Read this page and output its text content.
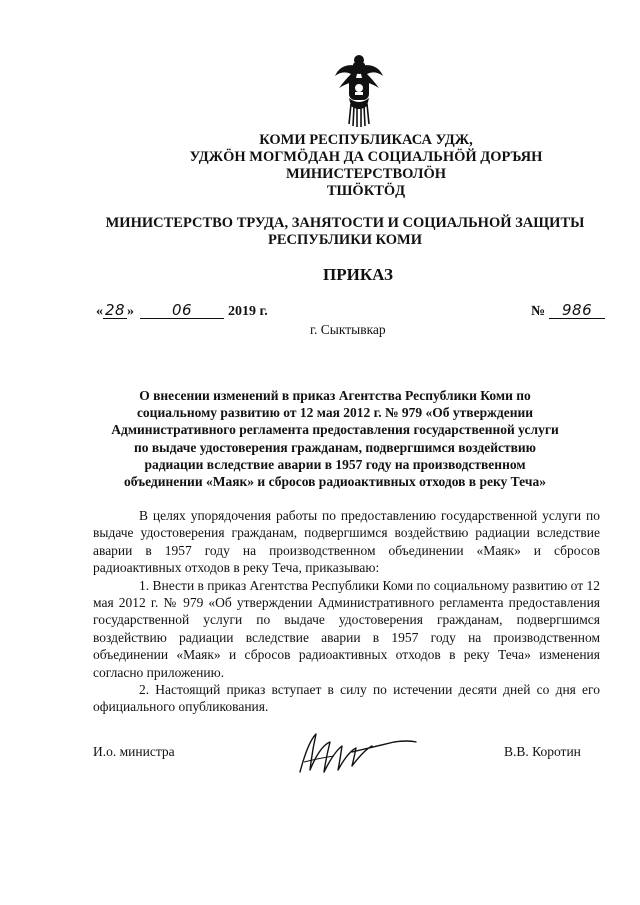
КОМИ РЕСПУБЛИКАСА УДЖ,
УДЖӦН МОГМӦДАН ДА СОЦИАЛЬНӦЙ ДОРЪЯН
МИНИСТЕРСТВОЛӦН
ТШӦКТӦД
МИНИСТЕРСТВО ТРУДА, ЗАНЯТОСТИ И СОЦИАЛЬНОЙ ЗАЩИТЫ
РЕСПУБЛИКИ КОМИ
ПРИКАЗ
« 28 »	06	2019 г.	№ 986
г. Сыктывкар
О внесении изменений в приказ Агентства Республики Коми по
социальному развитию от 12 мая 2012 г. № 979 «Об утверждении
Административного регламента предоставления государственной услуги
по выдаче удостоверения гражданам, подвергшимся воздействию
радиации вследствие аварии в 1957 году на производственном
объединении «Маяк» и сбросов радиоактивных отходов в реку Теча»

В целях упорядочения работы по предоставлению государственной услуги по выдаче удостоверения гражданам, подвергшимся воздействию радиации вследствие аварии в 1957 году на производственном объединении «Маяк» и сбросов радиоактивных отходов в реку Теча, приказываю:

1. Внести в приказ Агентства Республики Коми по социальному развитию от 12 мая 2012 г. № 979 «Об утверждении Административного регламента предоставления государственной услуги по выдаче удостоверения гражданам, подвергшимся воздействию радиации вследствие аварии в 1957 году на производственном объединении «Маяк» и сбросов радиоактивных отходов в реку Теча» изменения согласно приложению.

2. Настоящий приказ вступает в силу по истечении десяти дней со дня его официального опубликования.

И.о. министра	В.В. Коротин
